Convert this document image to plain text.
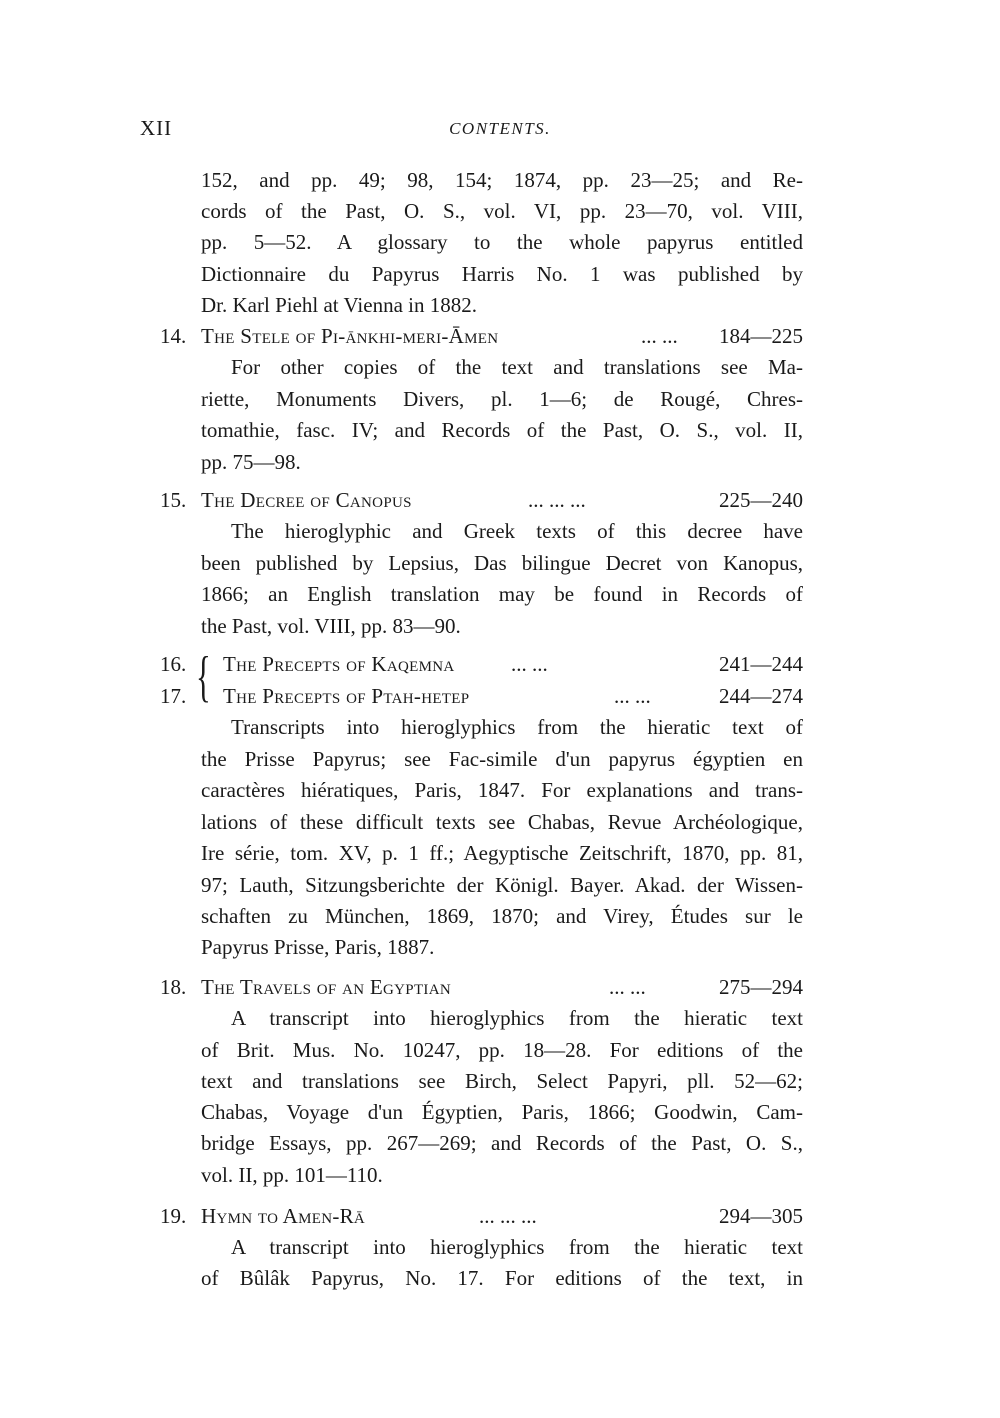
XII	CONTENTS.
152, and pp. 49; 98, 154; 1874, pp. 23—25; and Re-
cords of the Past, O. S., vol. VI, pp. 23—70, vol. VIII,
pp. 5—52. A glossary to the whole papyrus entitled
Dictionnaire du Papyrus Harris No. 1 was published by
Dr. Karl Piehl at Vienna in 1882.
14. The Stele of Pi-ānkhi-meri-Āmen	... ... 184—225
For other copies of the text and translations see Ma-
riette, Monuments Divers, pl. 1—6; de Rougé, Chres-
tomathie, fasc. IV; and Records of the Past, O. S., vol. II,
pp. 75—98.
15. The Decree of Canopus	... ... ...	225—240
The hieroglyphic and Greek texts of this decree have
been published by Lepsius, Das bilingue Decret von Kanopus,
1866; an English translation may be found in Records of
the Past, vol. VIII, pp. 83—90.
{
16. The Precepts of Kaqemna	... ...	241—244
17. The Precepts of Ptah-hetep	... ...	244—274
Transcripts into hieroglyphics from the hieratic text of
the Prisse Papyrus; see Fac-simile d'un papyrus égyptien en
caractères hiératiques, Paris, 1847. For explanations and trans-
lations of these difficult texts see Chabas, Revue Archéologique,
Ire série, tom. XV, p. 1 ff.; Aegyptische Zeitschrift, 1870, pp. 81,
97; Lauth, Sitzungsberichte der Königl. Bayer. Akad. der Wissen-
schaften zu München, 1869, 1870; and Virey, Études sur le
Papyrus Prisse, Paris, 1887.
18. The Travels of an Egyptian	... ...	275—294
A transcript into hieroglyphics from the hieratic text
of Brit. Mus. No. 10247, pp. 18—28. For editions of the
text and translations see Birch, Select Papyri, pll. 52—62;
Chabas, Voyage d'un Égyptien, Paris, 1866; Goodwin, Cam-
bridge Essays, pp. 267—269; and Records of the Past, O. S.,
vol. II, pp. 101—110.
19. Hymn to Amen-Rā	... ... ...	294—305
A transcript into hieroglyphics from the hieratic text
of Bûlâk Papyrus, No. 17. For editions of the text, in
